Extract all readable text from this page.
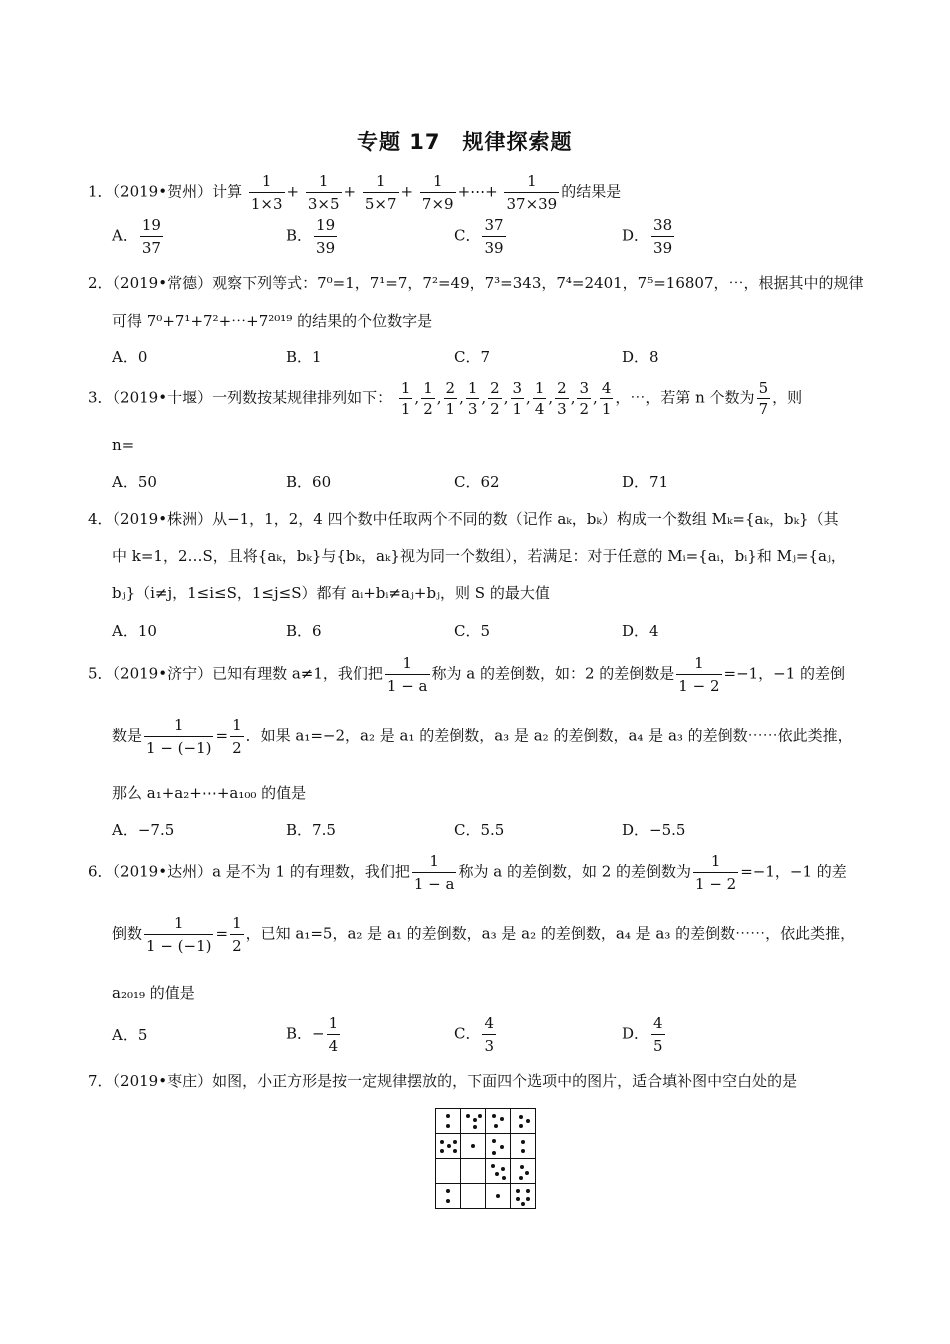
专题 17　规律探索题
1．（2019•贺州）计算 $\frac{1}{1\times 3} + \frac{1}{3\times 5} + \frac{1}{5\times 7} + \frac{1}{7\times 9}$ +⋯+ $\frac{1}{37\times 39}$ 的结果是
A． $\frac{19}{37}$	B． $\frac{19}{39}$	C． $\frac{37}{39}$	D． $\frac{38}{39}$
2．（2019•常德）观察下列等式：7⁰=1，7¹=7，7²=49，7³=343，7⁴=2401，7⁵=16807，⋯，根据其中的规律
可得 7⁰+7¹+7²+⋯+7²⁰¹⁹ 的结果的个位数字是
A．0	B．1	C．7	D．8
3．（2019•十堰）一列数按某规律排列如下： $\frac{1}{1}$ , $\frac{1}{2}$ , $\frac{2}{1}$ , $\frac{1}{3}$ , $\frac{2}{2}$ , $\frac{3}{1}$ , $\frac{1}{4}$ , $\frac{2}{3}$ , $\frac{3}{2}$ , $\frac{4}{1}$ ，⋯，若第 n 个数为 $\frac{5}{7}$ ，则
n=
A．50	B．60	C．62	D．71
4．（2019•株洲）从−1，1，2，4 四个数中任取两个不同的数（记作 aₖ，bₖ）构成一个数组 Mₖ={aₖ，bₖ}（其
中 k=1，2…S，且将{aₖ，bₖ}与{bₖ，aₖ}视为同一个数组），若满足：对于任意的 Mᵢ={aᵢ，bᵢ}和 Mⱼ={aⱼ，
bⱼ}（i≠j，1≤i≤S，1≤j≤S）都有 aᵢ+bᵢ≠aⱼ+bⱼ，则 S 的最大值
A．10	B．6	C．5	D．4
5．（2019•济宁）已知有理数 a≠1，我们把 $\frac{1}{1 - a}$ 称为 a 的差倒数，如：2 的差倒数是 $\frac{1}{1 - 2} =-1$，−1 的差倒
数是 $\frac{1}{1 - (-1)} = \frac{1}{2}$ ．如果 a₁=−2，a₂ 是 a₁ 的差倒数，a₃ 是 a₂ 的差倒数，a₄ 是 a₃ 的差倒数⋯⋯依此类推，
那么 a₁+a₂+⋯+a₁₀₀ 的值是
A．−7.5	B．7.5	C．5.5	D．−5.5
6．（2019•达州）a 是不为 1 的有理数，我们把 $\frac{1}{1 - a}$ 称为 a 的差倒数，如 2 的差倒数为 $\frac{1}{1 - 2} =-1$，−1 的差
倒数 $\frac{1}{1 - (-1)} = \frac{1}{2}$ ，已知 a₁=5，a₂ 是 a₁ 的差倒数，a₃ 是 a₂ 的差倒数，a₄ 是 a₃ 的差倒数⋯⋯，依此类推，
a₂₀₁₉ 的值是
A．5	B．− $\frac{1}{4}$	C． $\frac{4}{3}$	D． $\frac{4}{5}$
7．（2019•枣庄）如图，小正方形是按一定规律摆放的，下面四个选项中的图片，适合填补图中空白处的是
